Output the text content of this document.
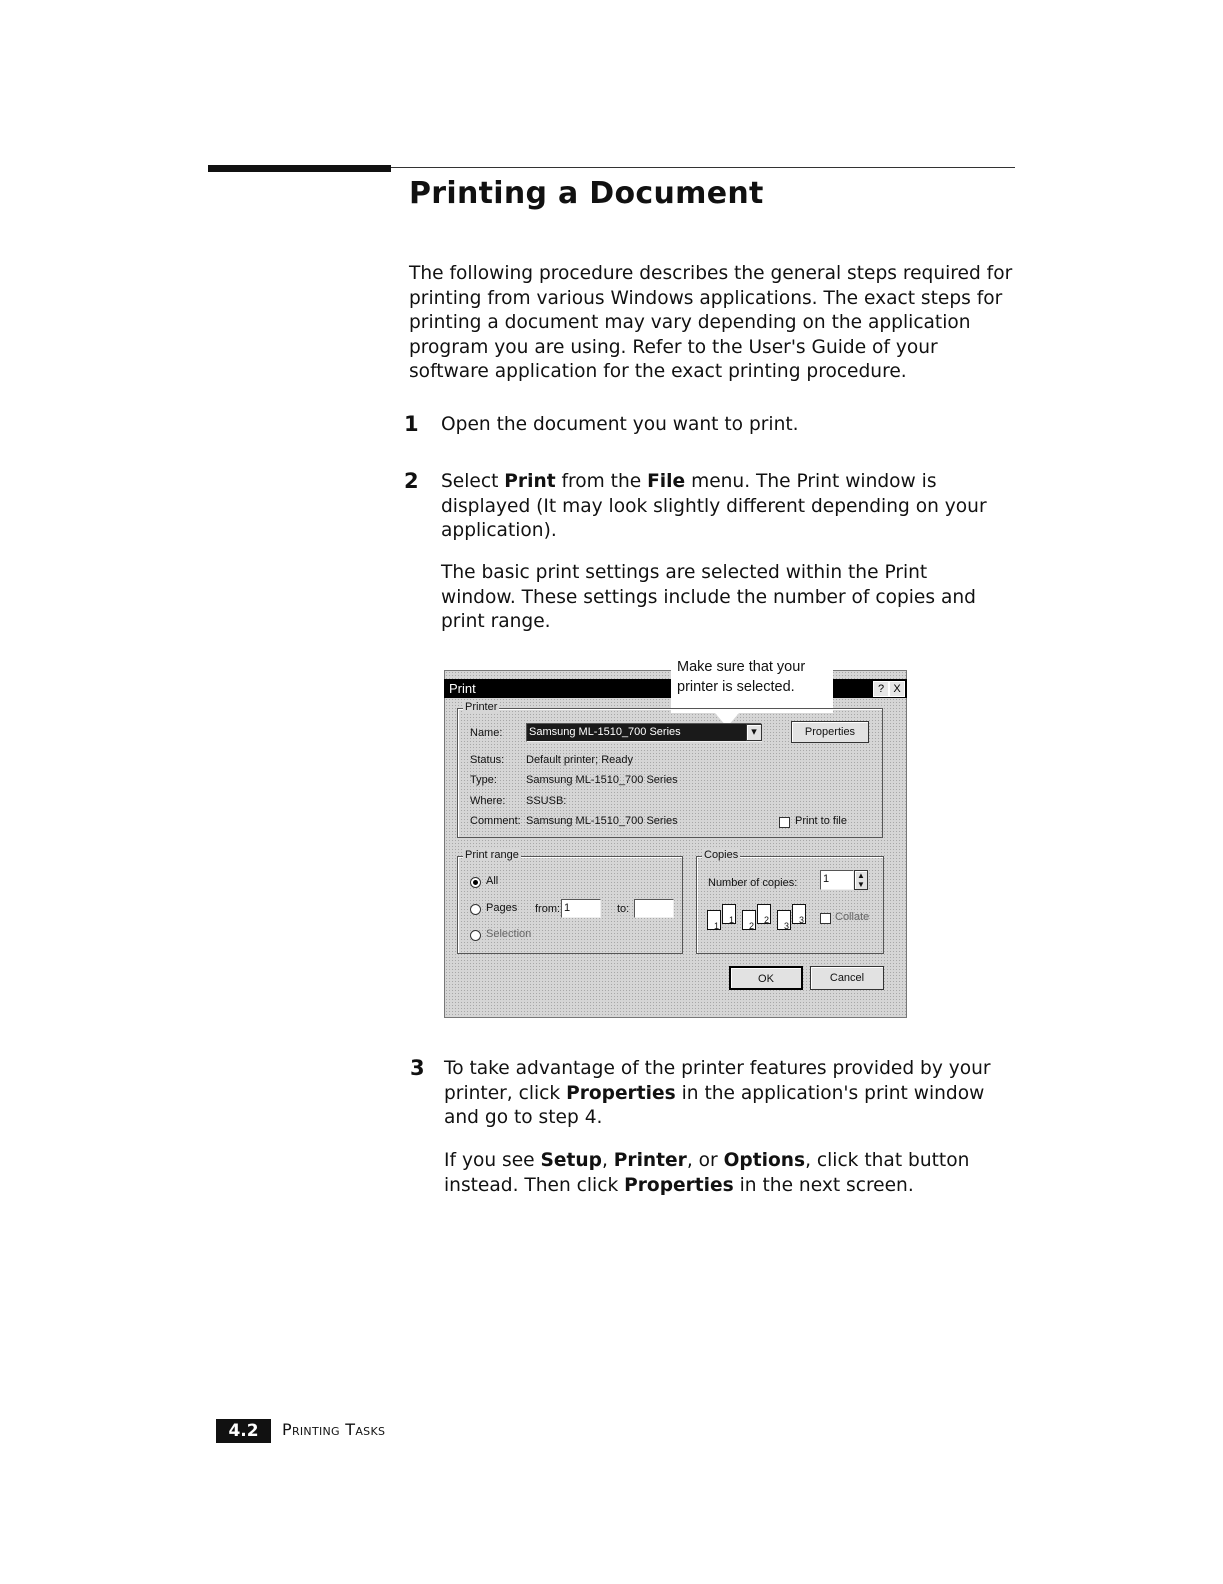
Printing a Document
The following procedure describes the general steps required for printing from various Windows applications. The exact steps for printing a document may vary depending on the application program you are using. Refer to the User's Guide of your software application for the exact printing procedure.
1 Open the document you want to print.
2 Select Print from the File menu. The Print window is displayed (It may look slightly different depending on your application).
The basic print settings are selected within the Print window. These settings include the number of copies and print range.
Print	? X
Make sure that your printer is selected.
Printer
Name: Samsung ML-1510_700 Series	▾	Properties
Status: Default printer; Ready
Type:	Samsung ML-1510_700 Series
Where: SSUSB:
Comment: Samsung ML-1510_700 Series	Print to file
Print range
All
Pages from: 1	to:
Selection
Copies
Number of copies: 1	▲
▼
1
1
2
2
3
3	Collate
OK	Cancel
3 To take advantage of the printer features provided by your printer, click Properties in the application's print window and go to step 4.
If you see Setup, Printer, or Options, click that button instead. Then click Properties in the next screen.
4.2	Printing Tasks
